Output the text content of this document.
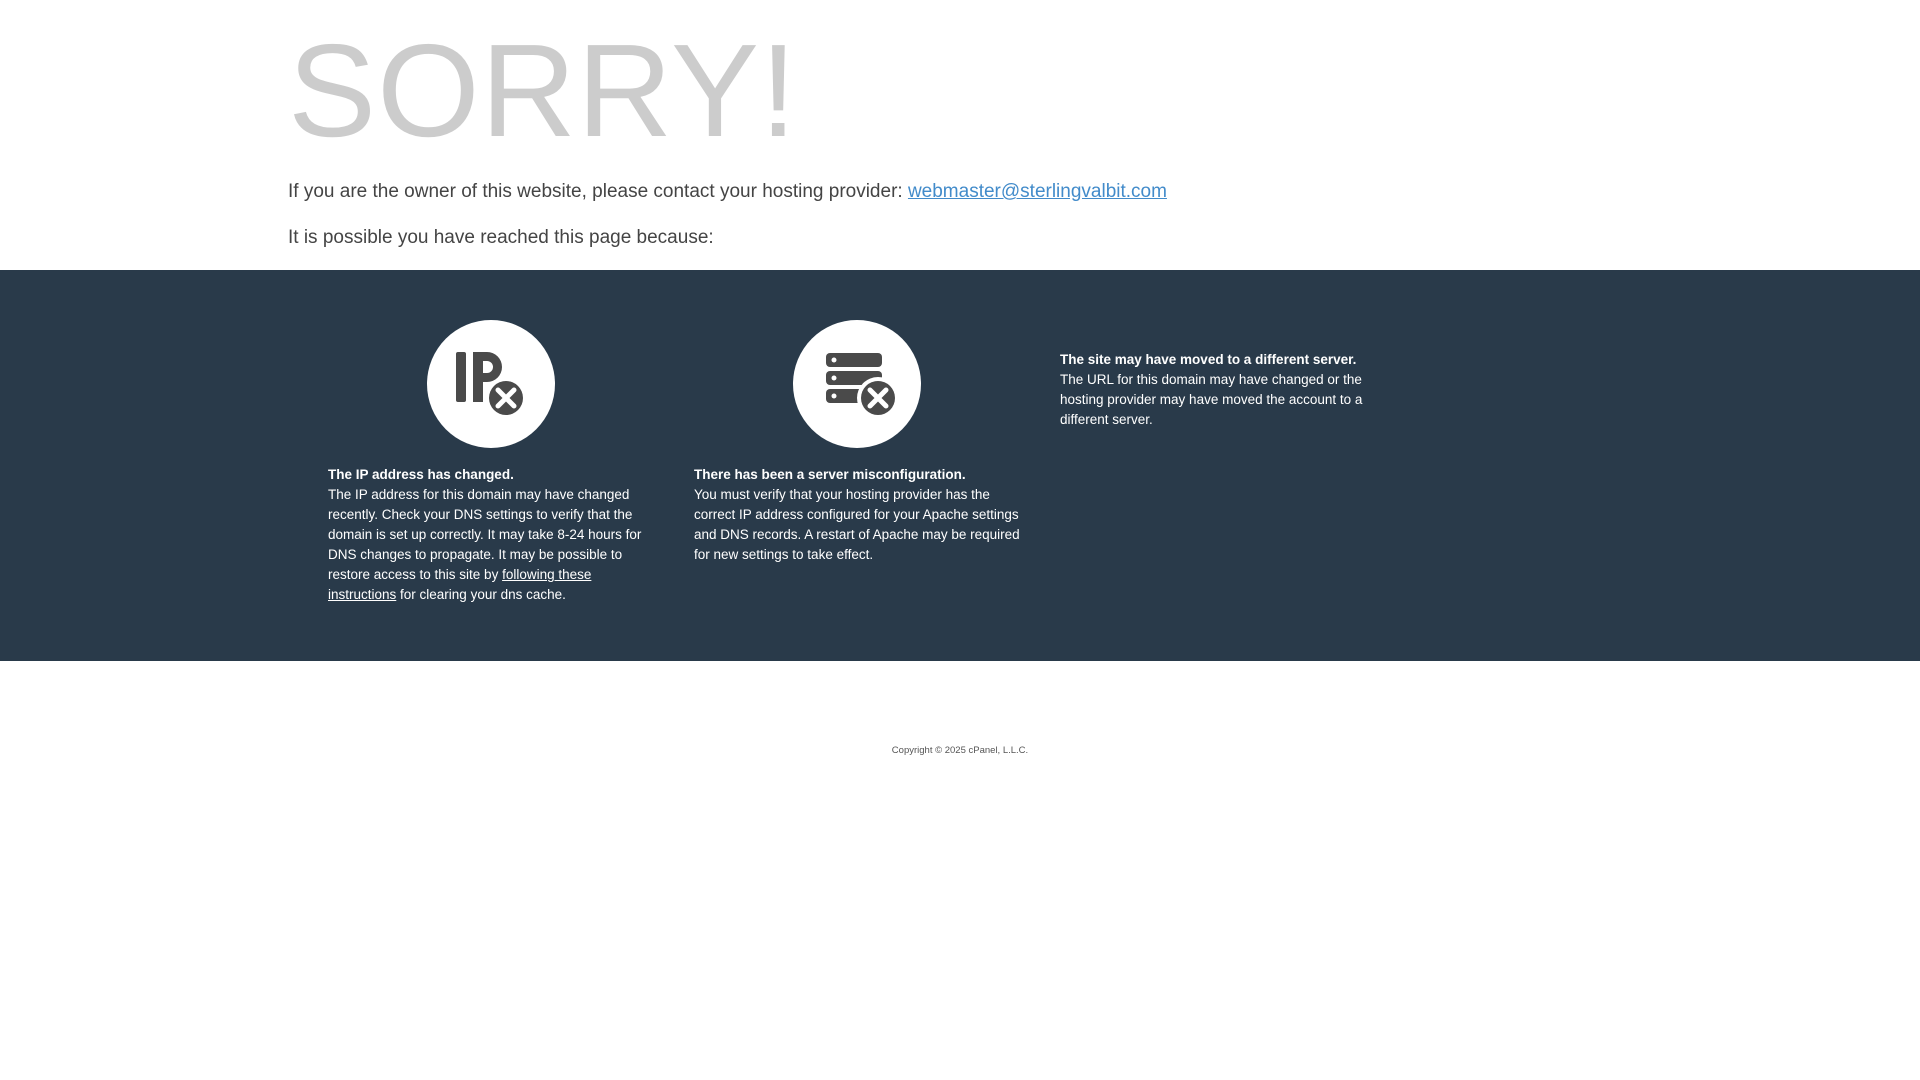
SORRY!

If you are the owner of this website, please contact your hosting provider: webmaster@sterlingvalbit.com

It is possible you have reached this page because:

The IP address has changed.

The IP address for this domain may have changed recently. Check your DNS settings to verify that the domain is set up correctly. It may take 8-24 hours for DNS changes to propagate. It may be possible to restore access to this site by following these instructions for clearing your dns cache.

There has been a server misconfiguration.

You must verify that your hosting provider has the correct IP address configured for your Apache settings and DNS records. A restart of Apache may be required for new settings to take effect.

The site may have moved to a different server.

The URL for this domain may have changed or the hosting provider may have moved the account to a different server.

Copyright © 2025 cPanel, L.L.C.
